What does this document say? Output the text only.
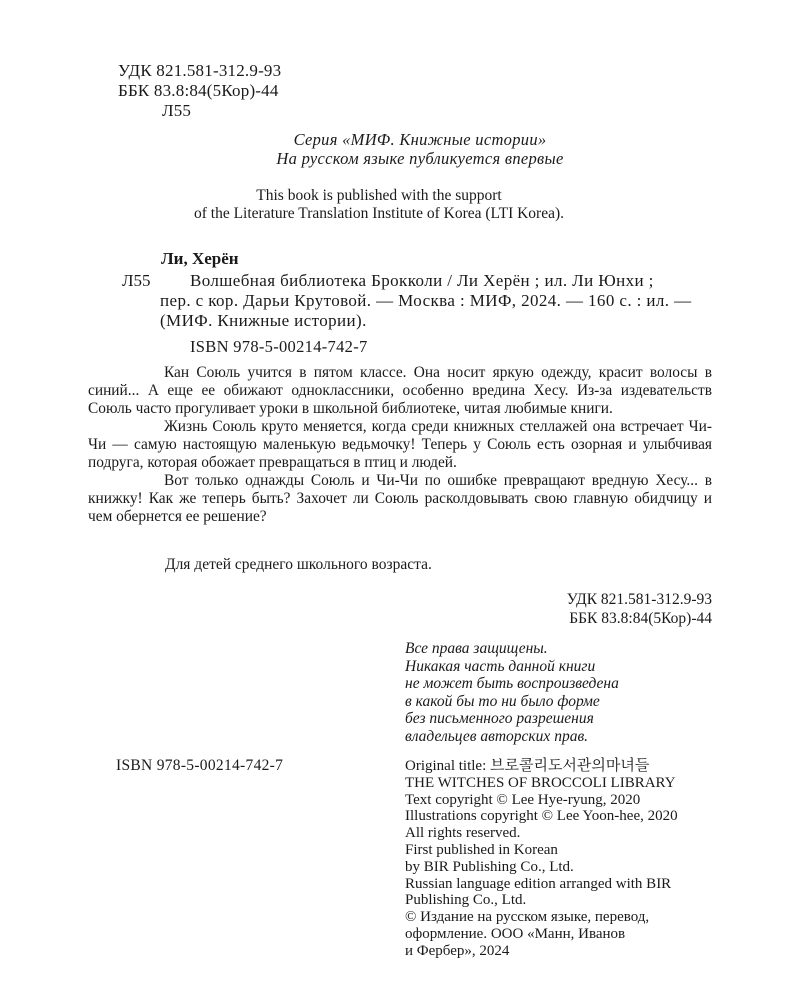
УДК 821.581-312.9-93
ББК 83.8:84(5Кор)-44
Л55
Серия «МИФ. Книжные истории»
На русском языке публикуется впервые
This book is published with the support
of the Literature Translation Institute of Korea (LTI Korea).
Ли, Херён
Л55 Волшебная библиотека Брокколи / Ли Херён ; ил. Ли Юнхи ;
пер. с кор. Дарьи Крутовой. — Москва : МИФ, 2024. — 160 с. : ил. —
(МИФ. Книжные истории).
ISBN 978-5-00214-742-7

Кан Союль учится в пятом классе. Она носит яркую одежду, красит волосы в синий... А еще ее обижают одноклассники, особенно вредина Хесу. Из-за издевательств Союль часто прогуливает уроки в школьной библиотеке, читая любимые книги.

Жизнь Союль круто меняется, когда среди книжных стеллажей она встречает Чи-Чи — самую настоящую маленькую ведьмочку! Теперь у Союль есть озорная и улыбчивая подруга, которая обожает превращаться в птиц и людей.

Вот только однажды Союль и Чи-Чи по ошибке превращают вредную Хесу... в книжку! Как же теперь быть? Захочет ли Союль расколдовывать свою главную обидчицу и чем обернется ее решение?

Для детей среднего школьного возраста.
УДК 821.581-312.9-93
ББК 83.8:84(5Кор)-44
Все права защищены.
Никакая часть данной книги
не может быть воспроизведена
в какой бы то ни было форме
без письменного разрешения
владельцев авторских прав.
ISBN 978-5-00214-742-7	Original title: 브로콜리도서관의마녀들
THE WITCHES OF BROCCOLI LIBRARY
Text copyright © Lee Hye-ryung, 2020
Illustrations copyright © Lee Yoon-hee, 2020
All rights reserved.
First published in Korean
by BIR Publishing Co., Ltd.
Russian language edition arranged with BIR
Publishing Co., Ltd.
© Издание на русском языке, перевод,
оформление. ООО «Манн, Иванов
и Фербер», 2024
